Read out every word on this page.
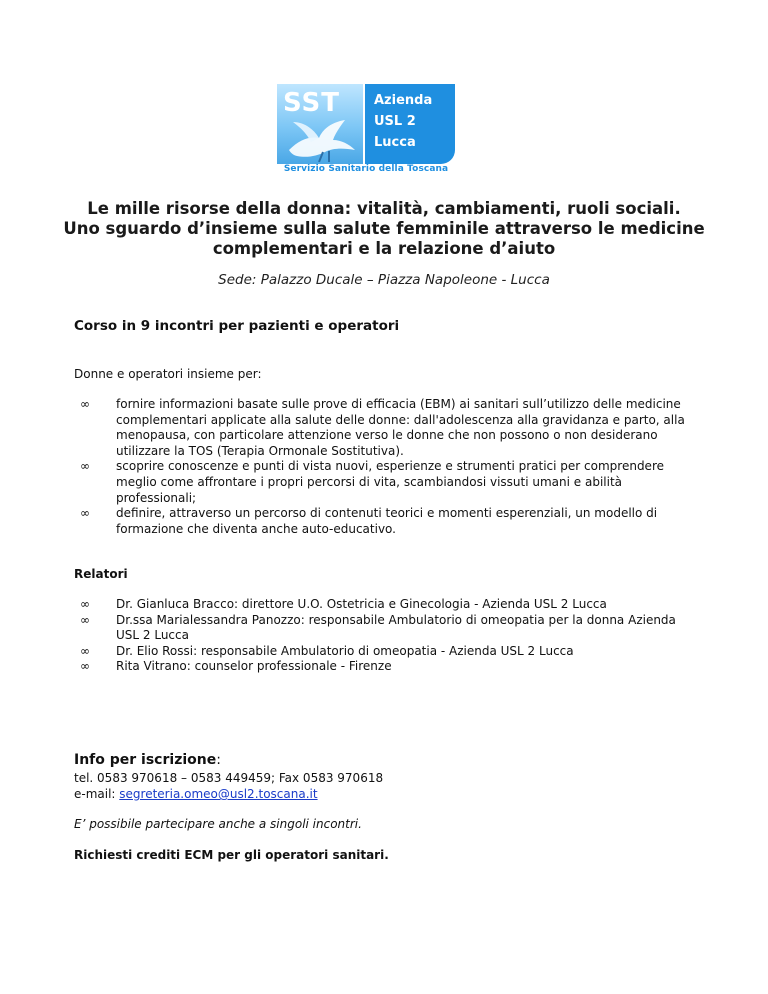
SST	Azienda
USL 2
Lucca
Servizio Sanitario della Toscana
Le mille risorse della donna: vitalità, cambiamenti, ruoli sociali.
Uno sguardo d’insieme sulla salute femminile attraverso le medicine
complementari e la relazione d’aiuto
Sede: Palazzo Ducale – Piazza Napoleone - Lucca
Corso in 9 incontri per pazienti e operatori
Donne e operatori insieme per:
∞ fornire informazioni basate sulle prove di efficacia (EBM) ai sanitari sull’utilizzo delle medicine complementari applicate alla salute delle donne: dall'adolescenza alla gravidanza e parto, alla menopausa, con particolare attenzione verso le donne che non possono o non desiderano utilizzare la TOS (Terapia Ormonale Sostitutiva).
∞ scoprire conoscenze e punti di vista nuovi, esperienze e strumenti pratici per comprendere meglio come affrontare i propri percorsi di vita, scambiandosi vissuti umani e abilità professionali;
∞ definire, attraverso un percorso di contenuti teorici e momenti esperenziali, un modello di formazione che diventa anche auto-educativo.
Relatori
∞ Dr. Gianluca Bracco: direttore U.O. Ostetricia e Ginecologia - Azienda USL 2 Lucca
∞ Dr.ssa Marialessandra Panozzo: responsabile Ambulatorio di omeopatia per la donna Azienda USL 2 Lucca
∞ Dr. Elio Rossi: responsabile Ambulatorio di omeopatia - Azienda USL 2 Lucca
∞ Rita Vitrano: counselor professionale - Firenze
Info per iscrizione:
tel. 0583 970618 – 0583 449459; Fax 0583 970618
e-mail: segreteria.omeo@usl2.toscana.it
E’ possibile partecipare anche a singoli incontri.
Richiesti crediti ECM per gli operatori sanitari.
